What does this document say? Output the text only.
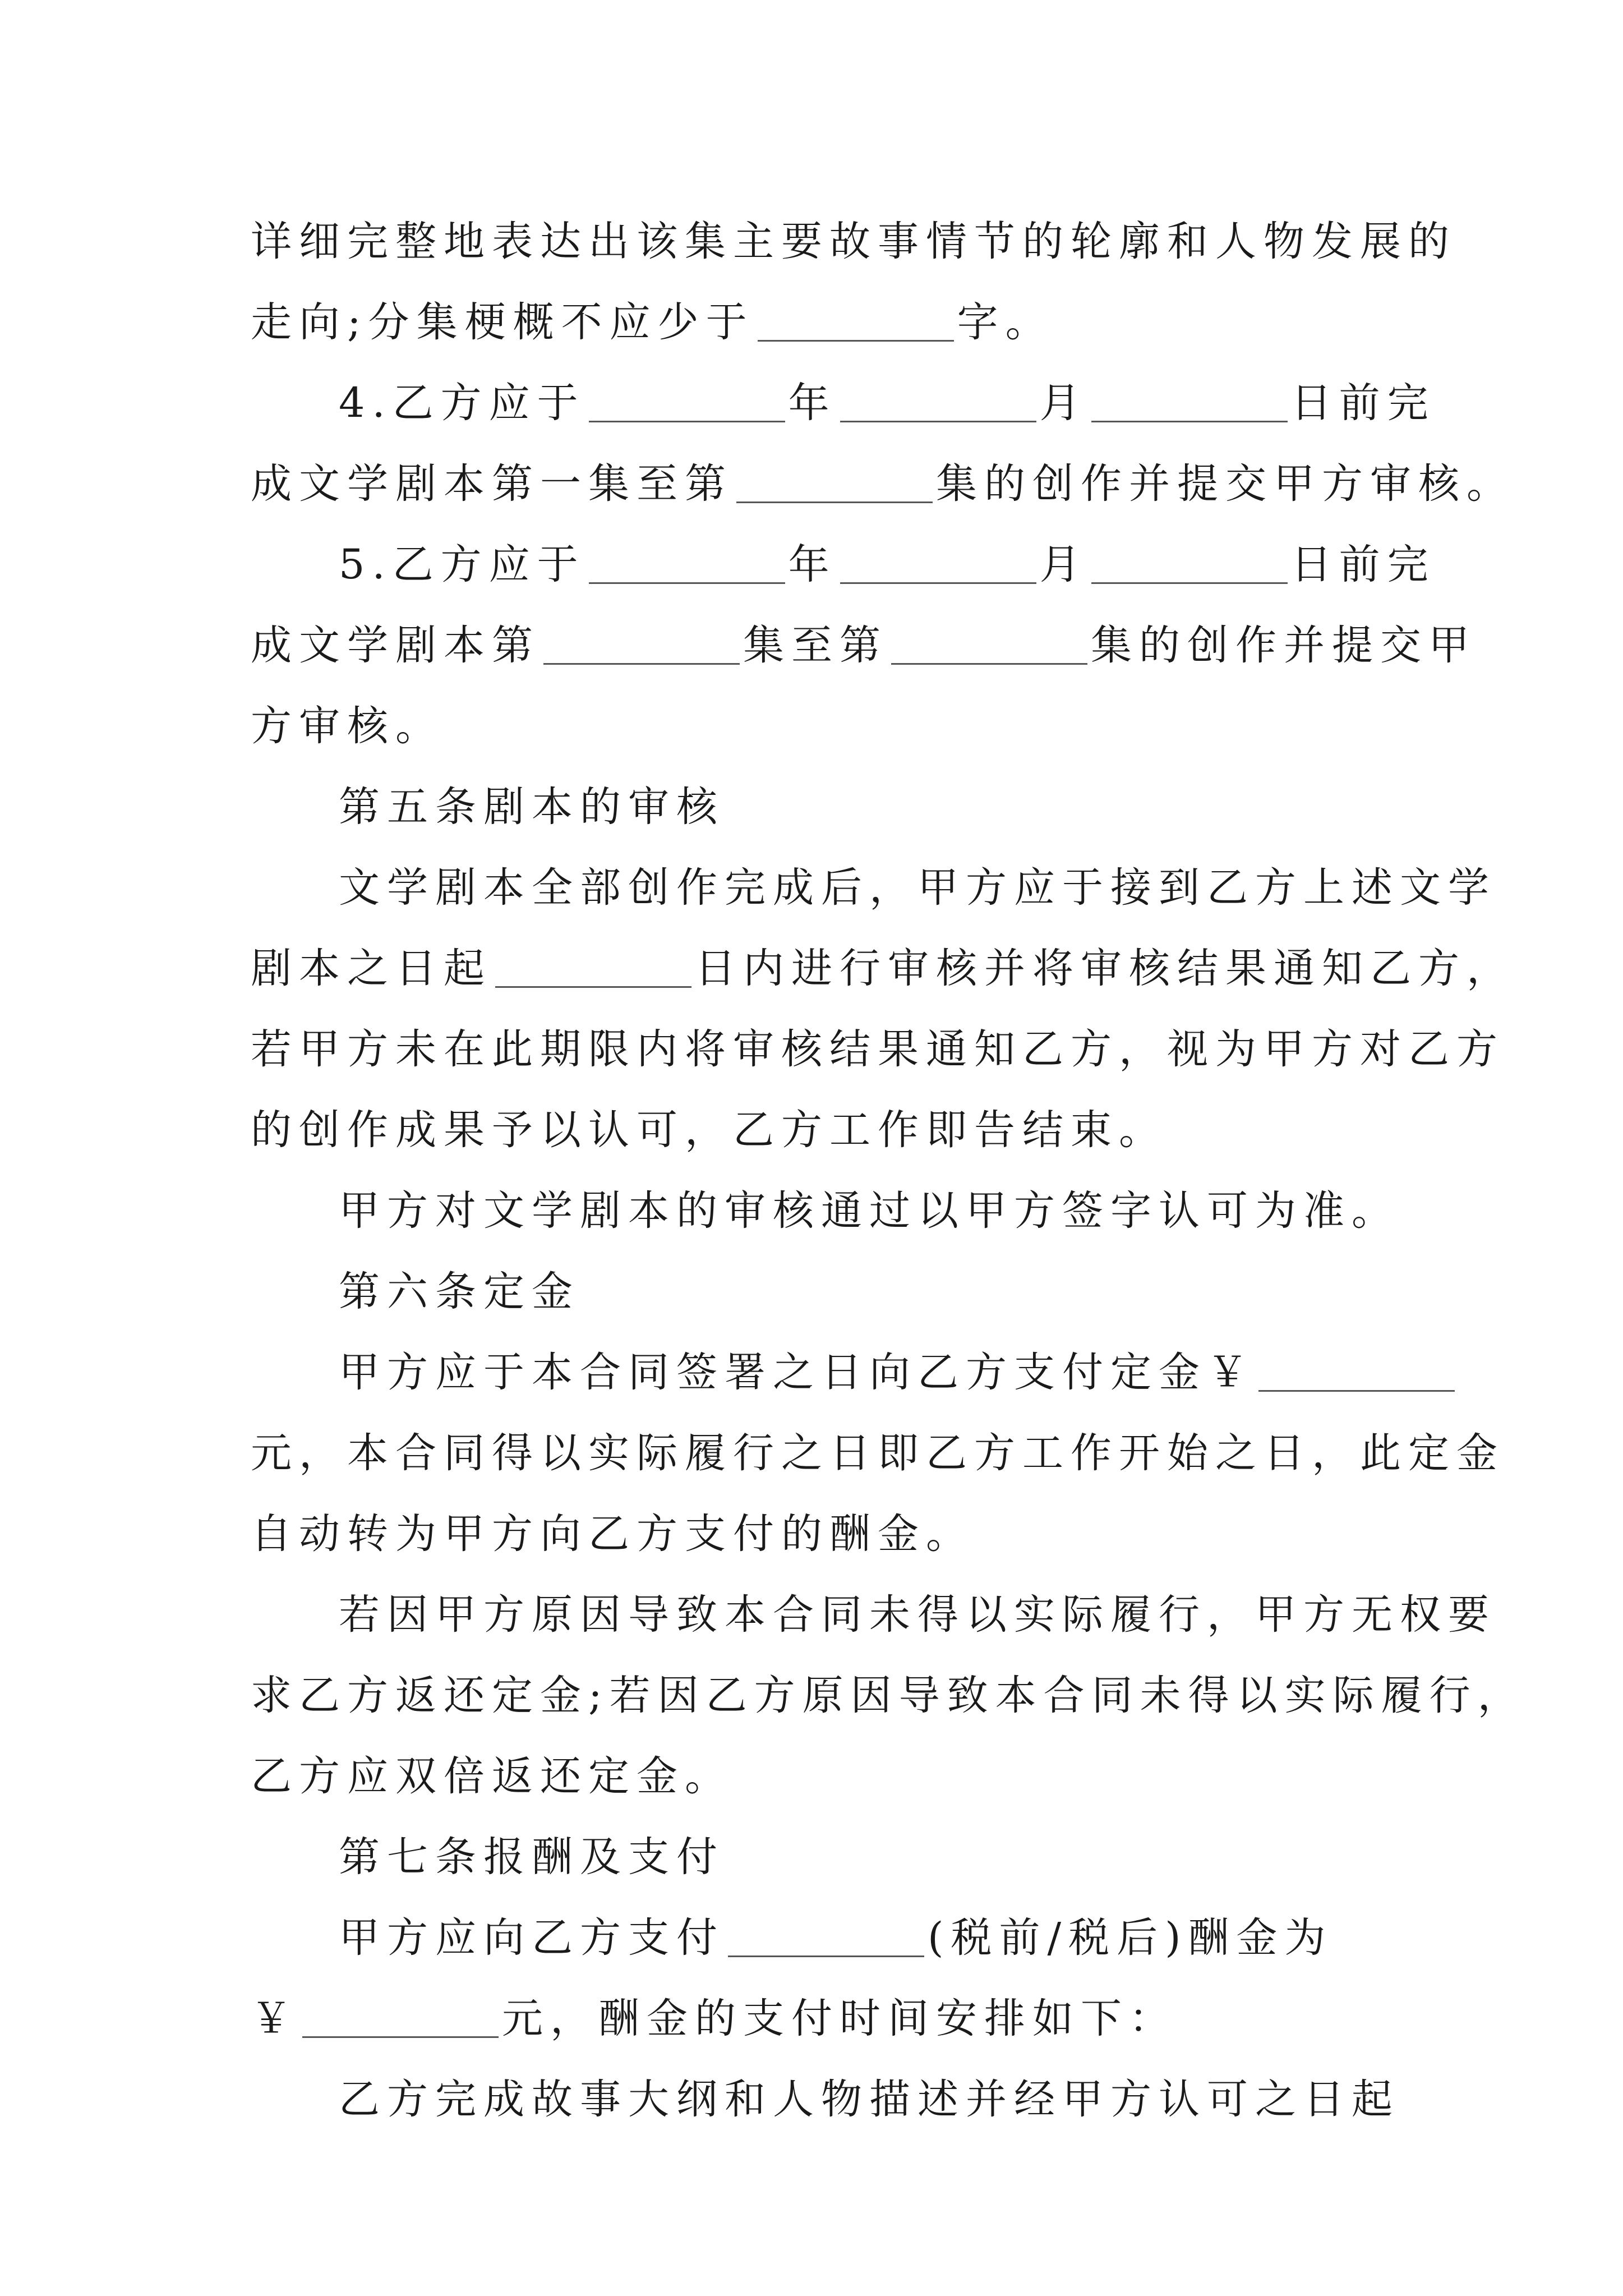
详细完整地表达出该集主要故事情节的轮廓和人物发展的
走向;分集梗概不应少于	字。
4.乙方应于	年	月	日前完
成文学剧本第一集至第	集的创作并提交甲方审核。
5.乙方应于	年	月	日前完
成文学剧本第	集至第	集的创作并提交甲
方审核。
第五条剧本的审核
文学剧本全部创作完成后，甲方应于接到乙方上述文学
剧本之日起	日内进行审核并将审核结果通知乙方，
若甲方未在此期限内将审核结果通知乙方，视为甲方对乙方
的创作成果予以认可，乙方工作即告结束。
甲方对文学剧本的审核通过以甲方签字认可为准。
第六条定金
甲方应于本合同签署之日向乙方支付定金￥
元，本合同得以实际履行之日即乙方工作开始之日，此定金
自动转为甲方向乙方支付的酬金。
若因甲方原因导致本合同未得以实际履行，甲方无权要
求乙方返还定金;若因乙方原因导致本合同未得以实际履行，
乙方应双倍返还定金。
第七条报酬及支付
甲方应向乙方支付	(税前/税后)酬金为
￥	元，酬金的支付时间安排如下：
乙方完成故事大纲和人物描述并经甲方认可之日起
